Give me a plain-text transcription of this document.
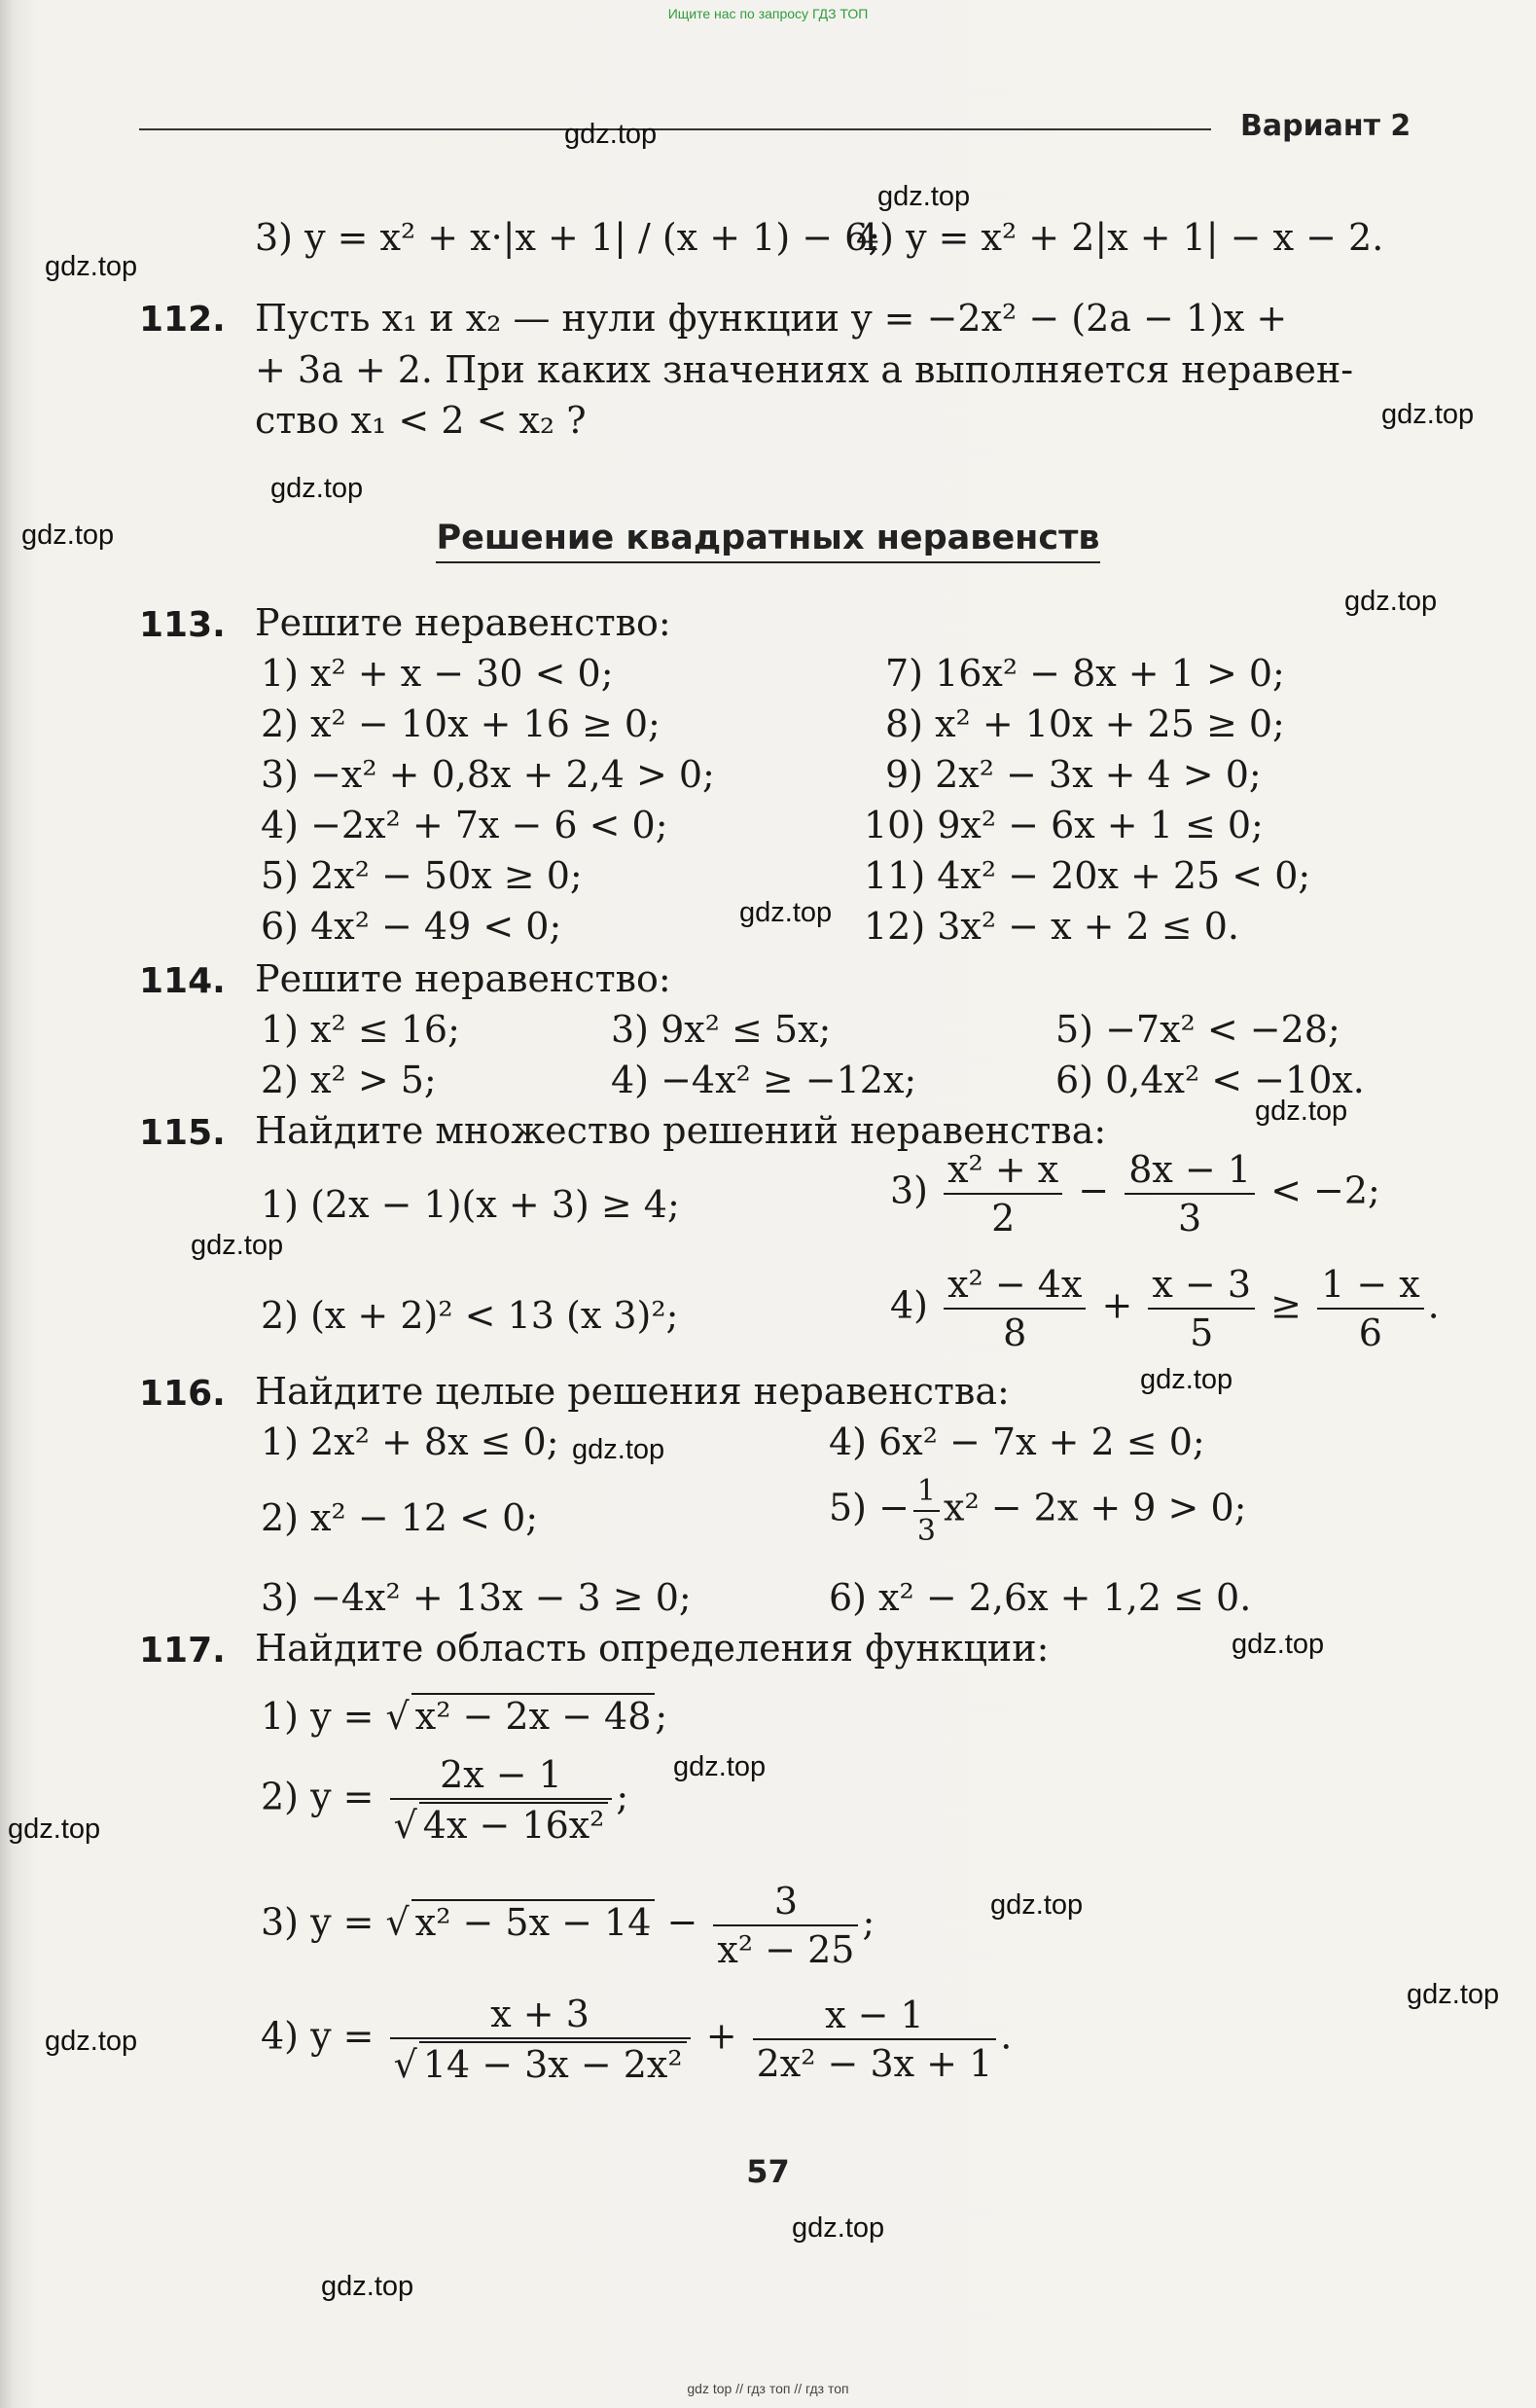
Ищите нас по запросу ГДЗ ТОП
Вариант 2
3) y = x² + x·|x + 1| / (x + 1) − 6;
4) y = x² + 2|x + 1| − x − 2.
112. Пусть x₁ и x₂ — нули функции y = −2x² − (2a − 1)x +
+ 3a + 2. При каких значениях a выполняется неравен-
ство x₁ < 2 < x₂ ?
Решение квадратных неравенств
113. Решите неравенство:
1) x² + x − 30 < 0;
2) x² − 10x + 16 ≥ 0;
3) −x² + 0,8x + 2,4 > 0;
4) −2x² + 7x − 6 < 0;
5) 2x² − 50x ≥ 0;
6) 4x² − 49 < 0;
7) 16x² − 8x + 1 > 0;
8) x² + 10x + 25 ≥ 0;
9) 2x² − 3x + 4 > 0;
10) 9x² − 6x + 1 ≤ 0;
11) 4x² − 20x + 25 < 0;
12) 3x² − x + 2 ≤ 0.
114. Решите неравенство:
1) x² ≤ 16;	3) 9x² ≤ 5x;	5) −7x² < −28;
2) x² > 5;	4) −4x² ≥ −12x;	6) 0,4x² < −10x.
115. Найдите множество решений неравенства:
1) (2x − 1)(x + 3) ≥ 4;	$3) \frac{\text{x² + x}}{2} - \frac{8x - 1}{3} < -2$;
2) (x + 2)² < 13 (x 3)²;	$4) \frac{\text{x² − 4x}}{8} + \frac{x - 3}{5} \ge \frac{1 - x}{6}$ .
116. Найдите целые решения неравенства:
1) 2x² + 8x ≤ 0;
2) x² − 12 < 0;
3) −4x² + 13x − 3 ≥ 0;
4) 6x² − 7x + 2 ≤ 0;
$5) - \frac{1}{3} x^2 - 2x + 9 > 0$;
6) x² − 2,6x + 1,2 ≤ 0.
117. Найдите область определения функции:
1) y = √ x² − 2x − 48 ;
2) $y = \frac{2x - 1}{\text{√ 4x − 16x²}}$ ;
3) y = √ $x^2 - 5x - 14 - \frac{3}{\text{x² − 25}}$ ;
4) $y = \frac{x + 3}{\text{√ 14 − 3x − 2x²}} + \frac{x - 1}{\text{2x² − 3x + 1}}$ .
57
gdz.top
gdz.top
gdz.top
gdz.top
gdz.top
gdz.top
gdz.top
gdz.top
gdz.top
gdz.top
gdz.top
gdz.top
gdz.top
gdz.top
gdz.top
gdz.top
gdz.top
gdz.top
gdz.top
gdz.top
gdz top // гдз топ // гдз топ
